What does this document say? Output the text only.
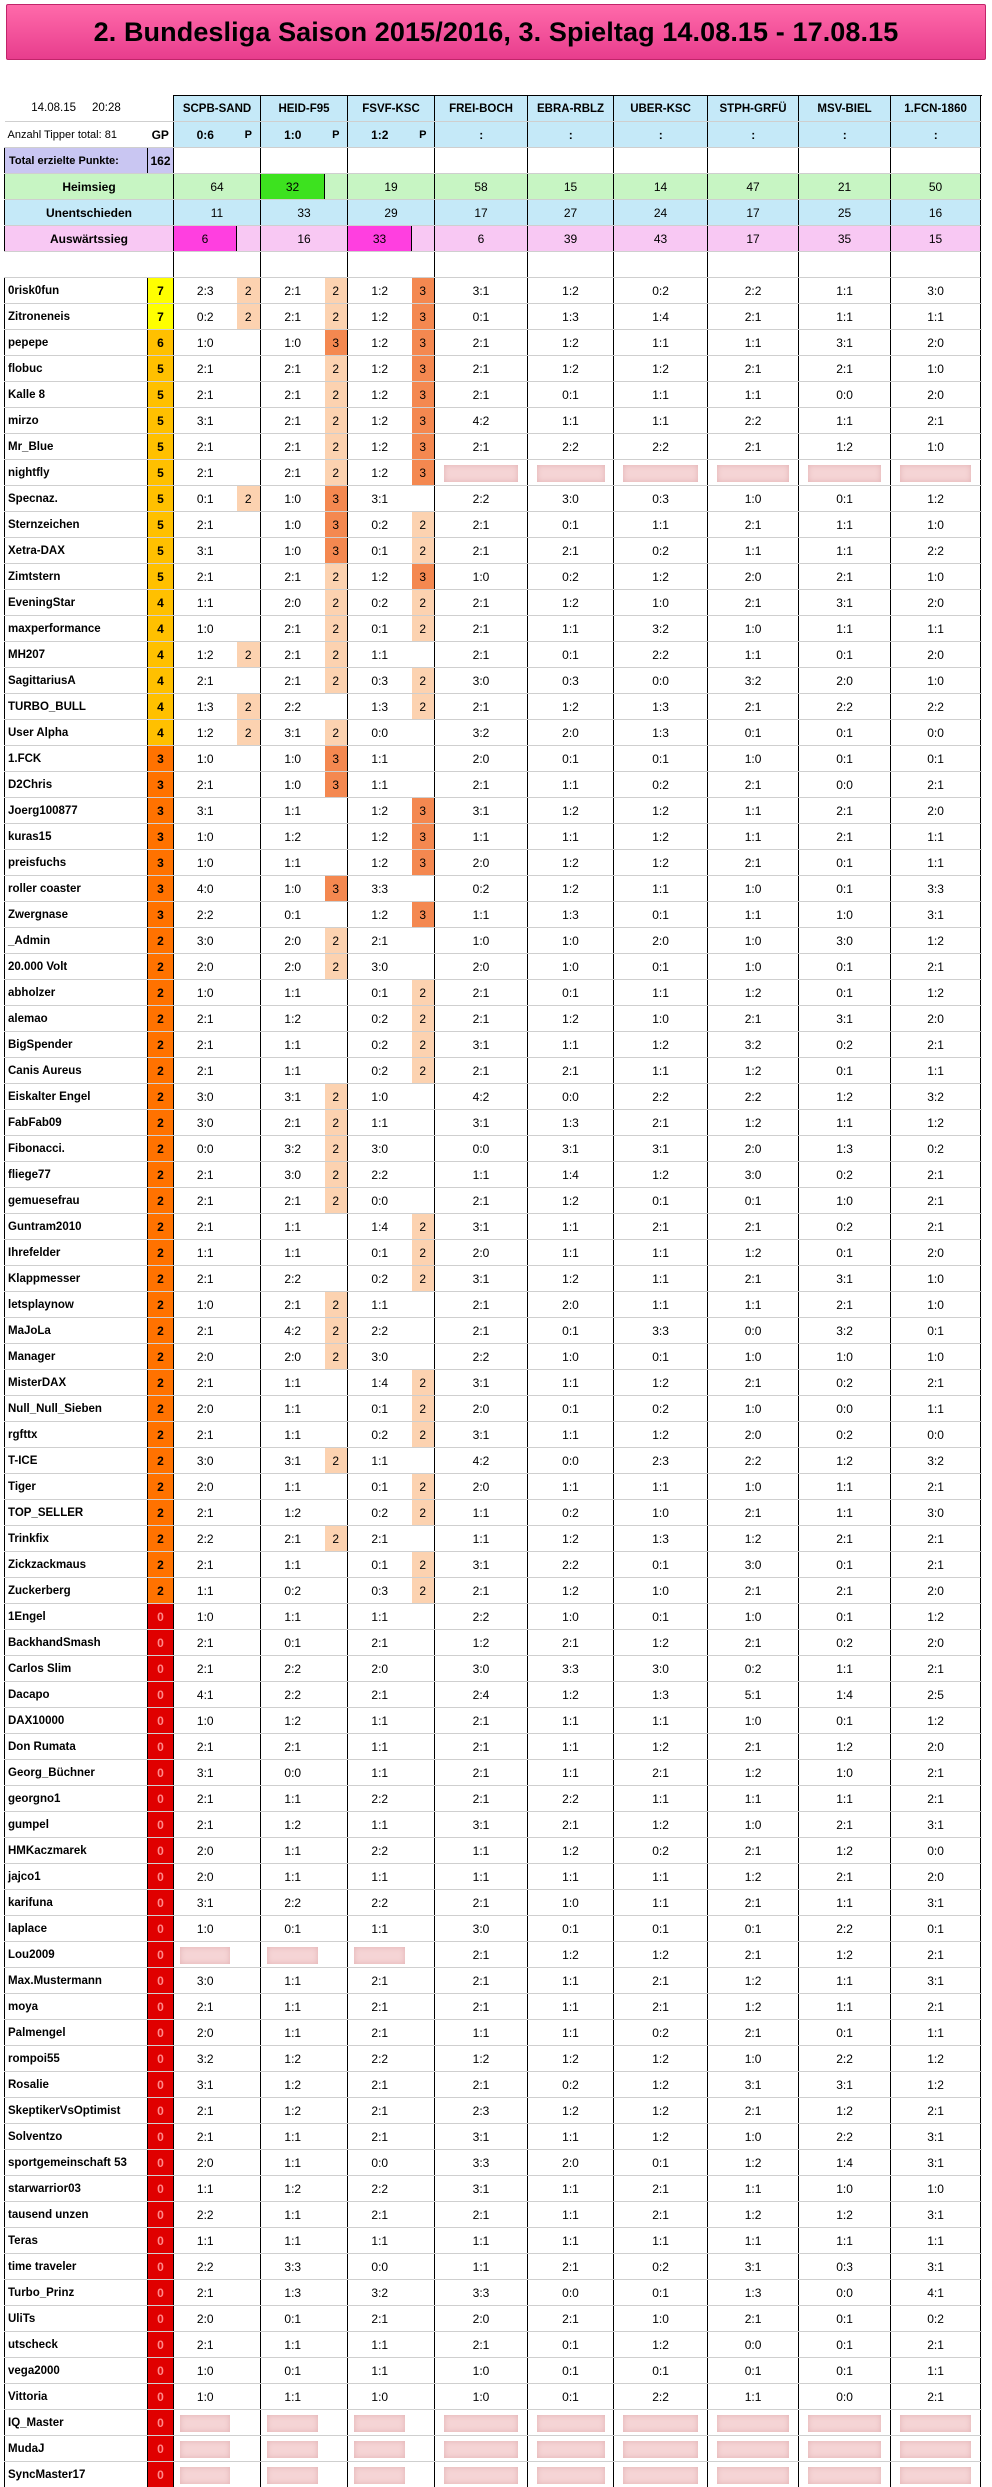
2. Bundesliga Saison 2015/2016, 3. Spieltag 14.08.15 - 17.08.15
14.08.15 20:28		SCPB-SAND		HEID-F95		FSVF-KSC		FREI-BOCH	EBRA-RBLZ	UBER-KSC	STPH-GRFÜ	MSV-BIEL	1.FCN-1860	
Anzahl Tipper total: 81	GP	0:6	P	1:0	P	1:2	P	:		:		:		:		:		:	
Total erzielte Punkte:	162													
Heimsieg		64		32		19		58	15	14	47	21	50	
Unentschieden		11		33		29		17	27	24	17	25	16	
Auswärtssieg		6		16		33		6	39	43	17	35	15	

0risk0fun	7	2:3	2	2:1	2	1:2	3	3:1	1:2	0:2	2:2	1:1	3:0	
Zitroneneis	7	0:2	2	2:1	2	1:2	3	0:1	1:3	1:4	2:1	1:1	1:1	
pepepe	6	1:0		1:0	3	1:2	3	2:1	1:2	1:1	1:1	3:1	2:0	
flobuc	5	2:1		2:1	2	1:2	3	2:1	1:2	1:2	2:1	2:1	1:0	
Kalle 8	5	2:1		2:1	2	1:2	3	2:1	0:1	1:1	1:1	0:0	2:0	
mirzo	5	3:1		2:1	2	1:2	3	4:2	1:1	1:1	2:2	1:1	2:1	
Mr_Blue	5	2:1		2:1	2	1:2	3	2:1	2:2	2:2	2:1	1:2	1:0	
nightfly	5	2:1		2:1	2	1:2	3							
Specnaz.	5	0:1	2	1:0	3	3:1		2:2	3:0	0:3	1:0	0:1	1:2	
Sternzeichen	5	2:1		1:0	3	0:2	2	2:1	0:1	1:1	2:1	1:1	1:0	
Xetra-DAX	5	3:1		1:0	3	0:1	2	2:1	2:1	0:2	1:1	1:1	2:2	
Zimtstern	5	2:1		2:1	2	1:2	3	1:0	0:2	1:2	2:0	2:1	1:0	
EveningStar	4	1:1		2:0	2	0:2	2	2:1	1:2	1:0	2:1	3:1	2:0	
maxperformance	4	1:0		2:1	2	0:1	2	2:1	1:1	3:2	1:0	1:1	1:1	
MH207	4	1:2	2	2:1	2	1:1		2:1	0:1	2:2	1:1	0:1	2:0	
SagittariusA	4	2:1		2:1	2	0:3	2	3:0	0:3	0:0	3:2	2:0	1:0	
TURBO_BULL	4	1:3	2	2:2		1:3	2	2:1	1:2	1:3	2:1	2:2	2:2	
User Alpha	4	1:2	2	3:1	2	0:0		3:2	2:0	1:3	0:1	0:1	0:0	
1.FCK	3	1:0		1:0	3	1:1		2:0	0:1	0:1	1:0	0:1	0:1	
D2Chris	3	2:1		1:0	3	1:1		2:1	1:1	0:2	2:1	0:0	2:1	
Joerg100877	3	3:1		1:1		1:2	3	3:1	1:2	1:2	1:1	2:1	2:0	
kuras15	3	1:0		1:2		1:2	3	1:1	1:1	1:2	1:1	2:1	1:1	
preisfuchs	3	1:0		1:1		1:2	3	2:0	1:2	1:2	2:1	0:1	1:1	
roller coaster	3	4:0		1:0	3	3:3		0:2	1:2	1:1	1:0	0:1	3:3	
Zwergnase	3	2:2		0:1		1:2	3	1:1	1:3	0:1	1:1	1:0	3:1	
_Admin	2	3:0		2:0	2	2:1		1:0	1:0	2:0	1:0	3:0	1:2	
20.000 Volt	2	2:0		2:0	2	3:0		2:0	1:0	0:1	1:0	0:1	2:1	
abholzer	2	1:0		1:1		0:1	2	2:1	0:1	1:1	1:2	0:1	1:2	
alemao	2	2:1		1:2		0:2	2	2:1	1:2	1:0	2:1	3:1	2:0	
BigSpender	2	2:1		1:1		0:2	2	3:1	1:1	1:2	3:2	0:2	2:1	
Canis Aureus	2	2:1		1:1		0:2	2	2:1	2:1	1:1	1:2	0:1	1:1	
Eiskalter Engel	2	3:0		3:1	2	1:0		4:2	0:0	2:2	2:2	1:2	3:2	
FabFab09	2	3:0		2:1	2	1:1		3:1	1:3	2:1	1:2	1:1	1:2	
Fibonacci.	2	0:0		3:2	2	3:0		0:0	3:1	3:1	2:0	1:3	0:2	
fliege77	2	2:1		3:0	2	2:2		1:1	1:4	1:2	3:0	0:2	2:1	
gemuesefrau	2	2:1		2:1	2	0:0		2:1	1:2	0:1	0:1	1:0	2:1	
Guntram2010	2	2:1		1:1		1:4	2	3:1	1:1	2:1	2:1	0:2	2:1	
Ihrefelder	2	1:1		1:1		0:1	2	2:0	1:1	1:1	1:2	0:1	2:0	
Klappmesser	2	2:1		2:2		0:2	2	3:1	1:2	1:1	2:1	3:1	1:0	
letsplaynow	2	1:0		2:1	2	1:1		2:1	2:0	1:1	1:1	2:1	1:0	
MaJoLa	2	2:1		4:2	2	2:2		2:1	0:1	3:3	0:0	3:2	0:1	
Manager	2	2:0		2:0	2	3:0		2:2	1:0	0:1	1:0	1:0	1:0	
MisterDAX	2	2:1		1:1		1:4	2	3:1	1:1	1:2	2:1	0:2	2:1	
Null_Null_Sieben	2	2:0		1:1		0:1	2	2:0	0:1	0:2	1:0	0:0	1:1	
rgfttx	2	2:1		1:1		0:2	2	3:1	1:1	1:2	2:0	0:2	0:0	
T-ICE	2	3:0		3:1	2	1:1		4:2	0:0	2:3	2:2	1:2	3:2	
Tiger	2	2:0		1:1		0:1	2	2:0	1:1	1:1	1:0	1:1	2:1	
TOP_SELLER	2	2:1		1:2		0:2	2	1:1	0:2	1:0	2:1	1:1	3:0	
Trinkfix	2	2:2		2:1	2	2:1		1:1	1:2	1:3	1:2	2:1	2:1	
Zickzackmaus	2	2:1		1:1		0:1	2	3:1	2:2	0:1	3:0	0:1	2:1	
Zuckerberg	2	1:1		0:2		0:3	2	2:1	1:2	1:0	2:1	2:1	2:0	
1Engel	0	1:0		1:1		1:1		2:2	1:0	0:1	1:0	0:1	1:2	
BackhandSmash	0	2:1		0:1		2:1		1:2	2:1	1:2	2:1	0:2	2:0	
Carlos Slim	0	2:1		2:2		2:0		3:0	3:3	3:0	0:2	1:1	2:1	
Dacapo	0	4:1		2:2		2:1		2:4	1:2	1:3	5:1	1:4	2:5	
DAX10000	0	1:0		1:2		1:1		2:1	1:1	1:1	1:0	0:1	1:2	
Don Rumata	0	2:1		2:1		1:1		2:1	1:1	1:2	2:1	1:2	2:0	
Georg_Büchner	0	3:1		0:0		1:1		2:1	1:1	2:1	1:2	1:0	2:1	
georgno1	0	2:1		1:1		2:2		2:1	2:2	1:1	1:1	1:1	2:1	
gumpel	0	2:1		1:2		1:1		3:1	2:1	1:2	1:0	2:1	3:1	
HMKaczmarek	0	2:0		1:1		2:2		1:1	1:2	0:2	2:1	1:2	0:0	
jajco1	0	2:0		1:1		1:1		1:1	1:1	1:1	1:2	2:1	2:0	
karifuna	0	3:1		2:2		2:2		2:1	1:0	1:1	2:1	1:1	3:1	
laplace	0	1:0		0:1		1:1		3:0	0:1	0:1	0:1	2:2	0:1	
Lou2009	0							2:1	1:2	1:2	2:1	1:2	2:1	
Max.Mustermann	0	3:0		1:1		2:1		2:1	1:1	2:1	1:2	1:1	3:1	
moya	0	2:1		1:1		2:1		2:1	1:1	2:1	1:2	1:1	2:1	
Palmengel	0	2:0		1:1		2:1		1:1	1:1	0:2	2:1	0:1	1:1	
rompoi55	0	3:2		1:2		2:2		1:2	1:2	1:2	1:0	2:2	1:2	
Rosalie	0	3:1		1:2		2:1		2:1	0:2	1:2	3:1	3:1	1:2	
SkeptikerVsOptimist	0	2:1		1:2		2:1		2:3	1:2	1:2	2:1	1:2	2:1	
Solventzo	0	2:1		1:1		2:1		3:1	1:1	1:2	1:0	2:2	3:1	
sportgemeinschaft 53	0	2:0		1:1		0:0		3:3	2:0	0:1	1:2	1:4	3:1	
starwarrior03	0	1:1		1:2		2:2		3:1	1:1	2:1	1:1	1:0	1:0	
tausend unzen	0	2:2		1:1		2:1		2:1	1:1	2:1	1:2	1:2	3:1	
Teras	0	1:1		1:1		1:1		1:1	1:1	1:1	1:1	1:1	1:1	
time traveler	0	2:2		3:3		0:0		1:1	2:1	0:2	3:1	0:3	3:1	
Turbo_Prinz	0	2:1		1:3		3:2		3:3	0:0	0:1	1:3	0:0	4:1	
UliTs	0	2:0		0:1		2:1		2:0	2:1	1:0	2:1	0:1	0:2	
utscheck	0	2:1		1:1		1:1		2:1	0:1	1:2	0:0	0:1	2:1	
vega2000	0	1:0		0:1		1:1		1:0	0:1	0:1	0:1	0:1	1:1	
Vittoria	0	1:0		1:1		1:0		1:0	0:1	2:2	1:1	0:0	2:1	
IQ_Master	0													
MudaJ	0													
SyncMaster17	0													
